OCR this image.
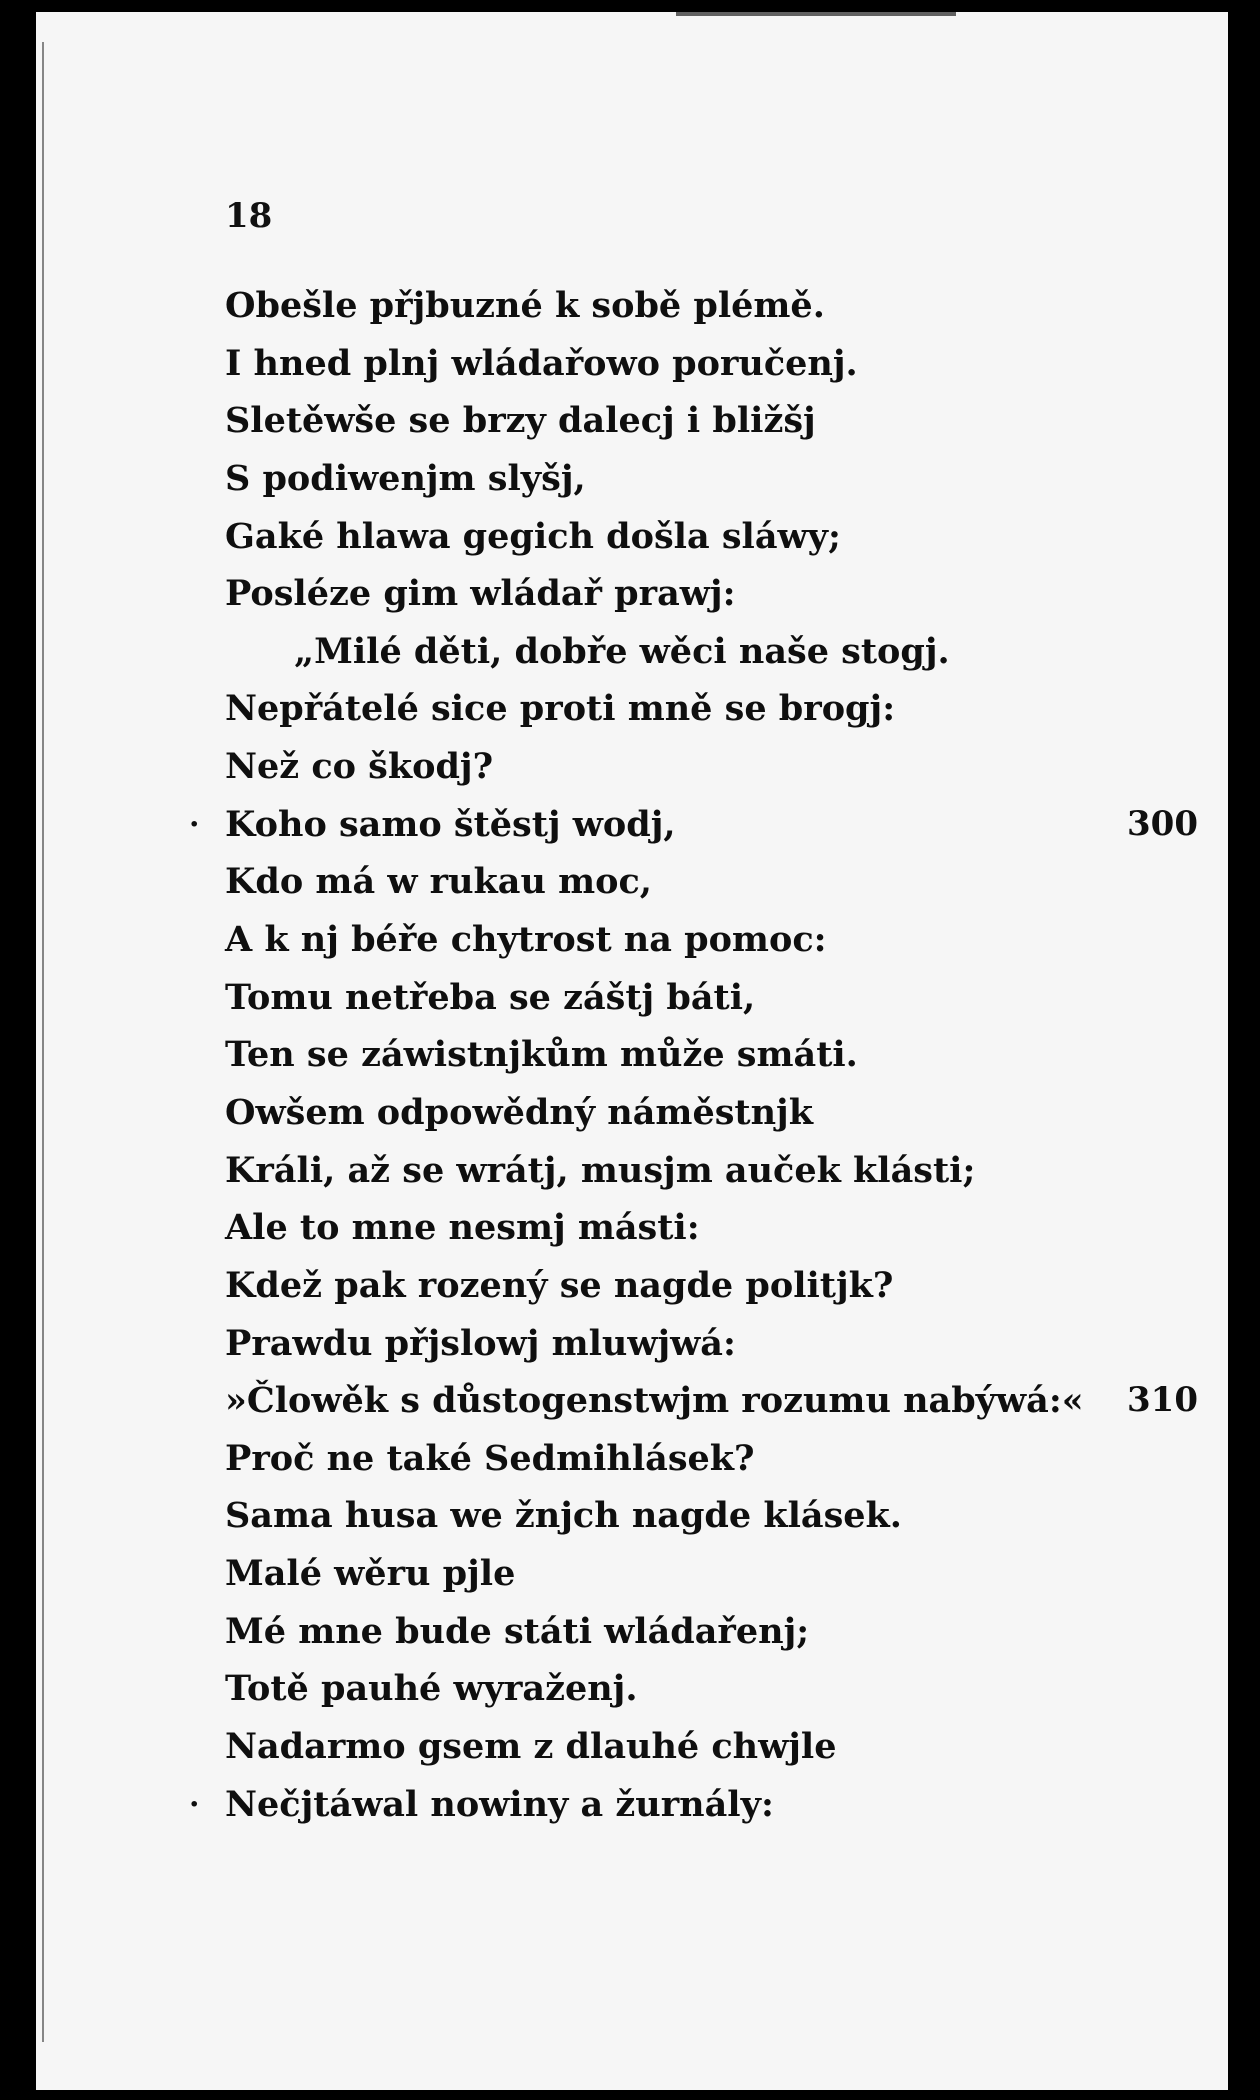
18

Obešle přjbuzné k sobě plémě.
I hned plnj wládařowo poručenj.
Sletěwše se brzy dalecj i bližšj
S podiwenjm slyšj,
Gaké hlawa gegich došla sláwy;
Posléze gim wládař prawj:
„Milé děti, dobře wěci naše stogj.
Nepřátelé sice proti mně se brogj:
Než co škodj?
· Koho samo štěstj wodj,	300
Kdo má w rukau moc,
A k nj béře chytrost na pomoc:
Tomu netřeba se záštj báti,
Ten se záwistnjkům může smáti.
Owšem odpowědný náměstnjk
Králi, až se wrátj, musjm auček klásti;
Ale to mne nesmj másti:
Kdež pak rozený se nagde politjk?
Prawdu přjslowj mluwjwá:
»Člowěk s důstogenstwjm rozumu nabýwá:« 310
Proč ne také Sedmihlásek?
Sama husa we žnjch nagde klásek.
Malé wěru pjle
Mé mne bude státi wládařenj;
Totě pauhé wyraženj.
Nadarmo gsem z dlauhé chwjle
· Nečjtáwal nowiny a žurnály:
